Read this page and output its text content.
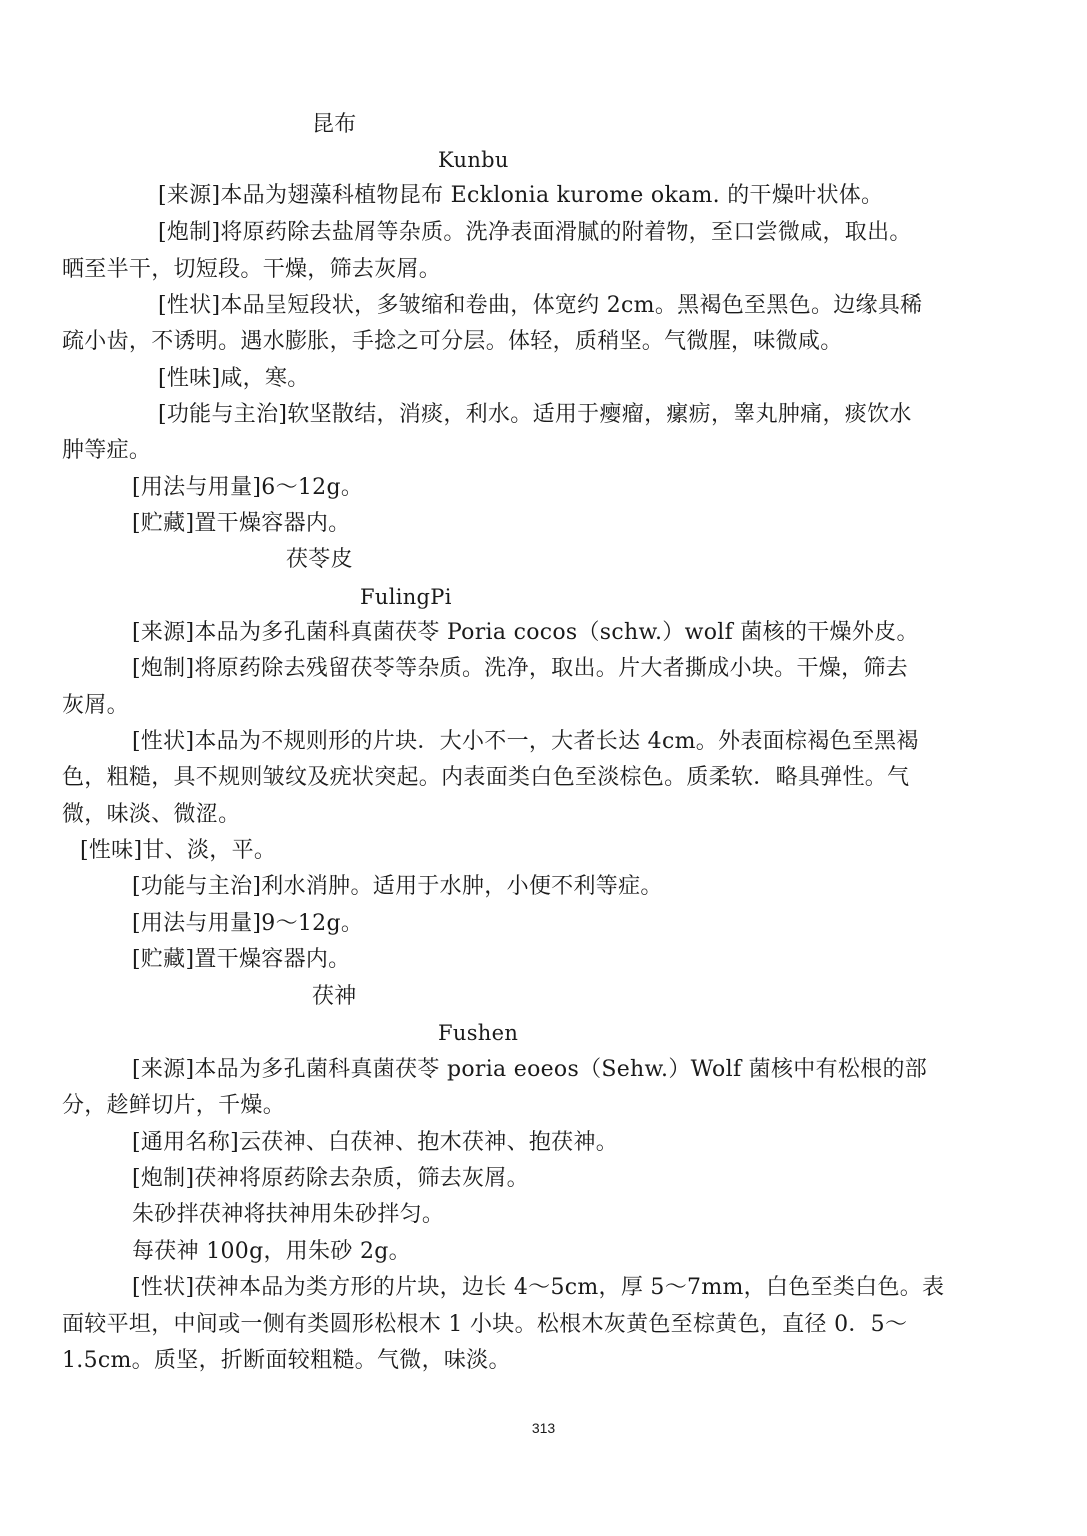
昆布
Kunbu
[来源]本品为翅藻科植物昆布 Ecklonia kurome okam. 的干燥叶状体。
[炮制]将原药除去盐屑等杂质。洗净表面滑腻的附着物，至口尝微咸，取出。
晒至半干，切短段。干燥，筛去灰屑。
[性状]本品呈短段状，多皱缩和卷曲，体宽约 2cm。黑褐色至黑色。边缘具稀
疏小齿，不诱明。遇水膨胀，手捻之可分层。体轻，质稍坚。气微腥，味微咸。
[性味]咸，寒。
[功能与主治]软坚散结，消痰，利水。适用于瘿瘤，瘰疬，睾丸肿痛，痰饮水
肿等症。
[用法与用量]6～12g。
[贮藏]置干燥容器内。
茯苓皮
FulingPi
[来源]本品为多孔菌科真菌茯苓 Poria cocos（schw.）wolf 菌核的干燥外皮。
[炮制]将原药除去残留茯苓等杂质。洗净，取出。片大者撕成小块。干燥，筛去
灰屑。
[性状]本品为不规则形的片块．大小不一，大者长达 4cm。外表面棕褐色至黑褐
色，粗糙，具不规则皱纹及疣状突起。内表面类白色至淡棕色。质柔软．略具弹性。气
微，味淡、微涩。
[性味]甘、淡，平。
[功能与主治]利水消肿。适用于水肿，小便不利等症。
[用法与用量]9～12g。
[贮藏]置干燥容器内。
茯神
Fushen
[来源]本品为多孔菌科真菌茯苓 poria eoeos（Sehw.）Wolf 菌核中有松根的部
分，趁鲜切片，千燥。
[通用名称]云茯神、白茯神、抱木茯神、抱茯神。
[炮制]茯神将原药除去杂质，筛去灰屑。
朱砂拌茯神将扶神用朱砂拌匀。
每茯神 100g，用朱砂 2g。
[性状]茯神本品为类方形的片块，边长 4～5cm，厚 5～7mm，白色至类白色。表
面较平坦，中间或一侧有类圆形松根木 1 小块。松根木灰黄色至棕黄色，直径 0．5～
1.5cm。质坚，折断面较粗糙。气微，味淡。
313
